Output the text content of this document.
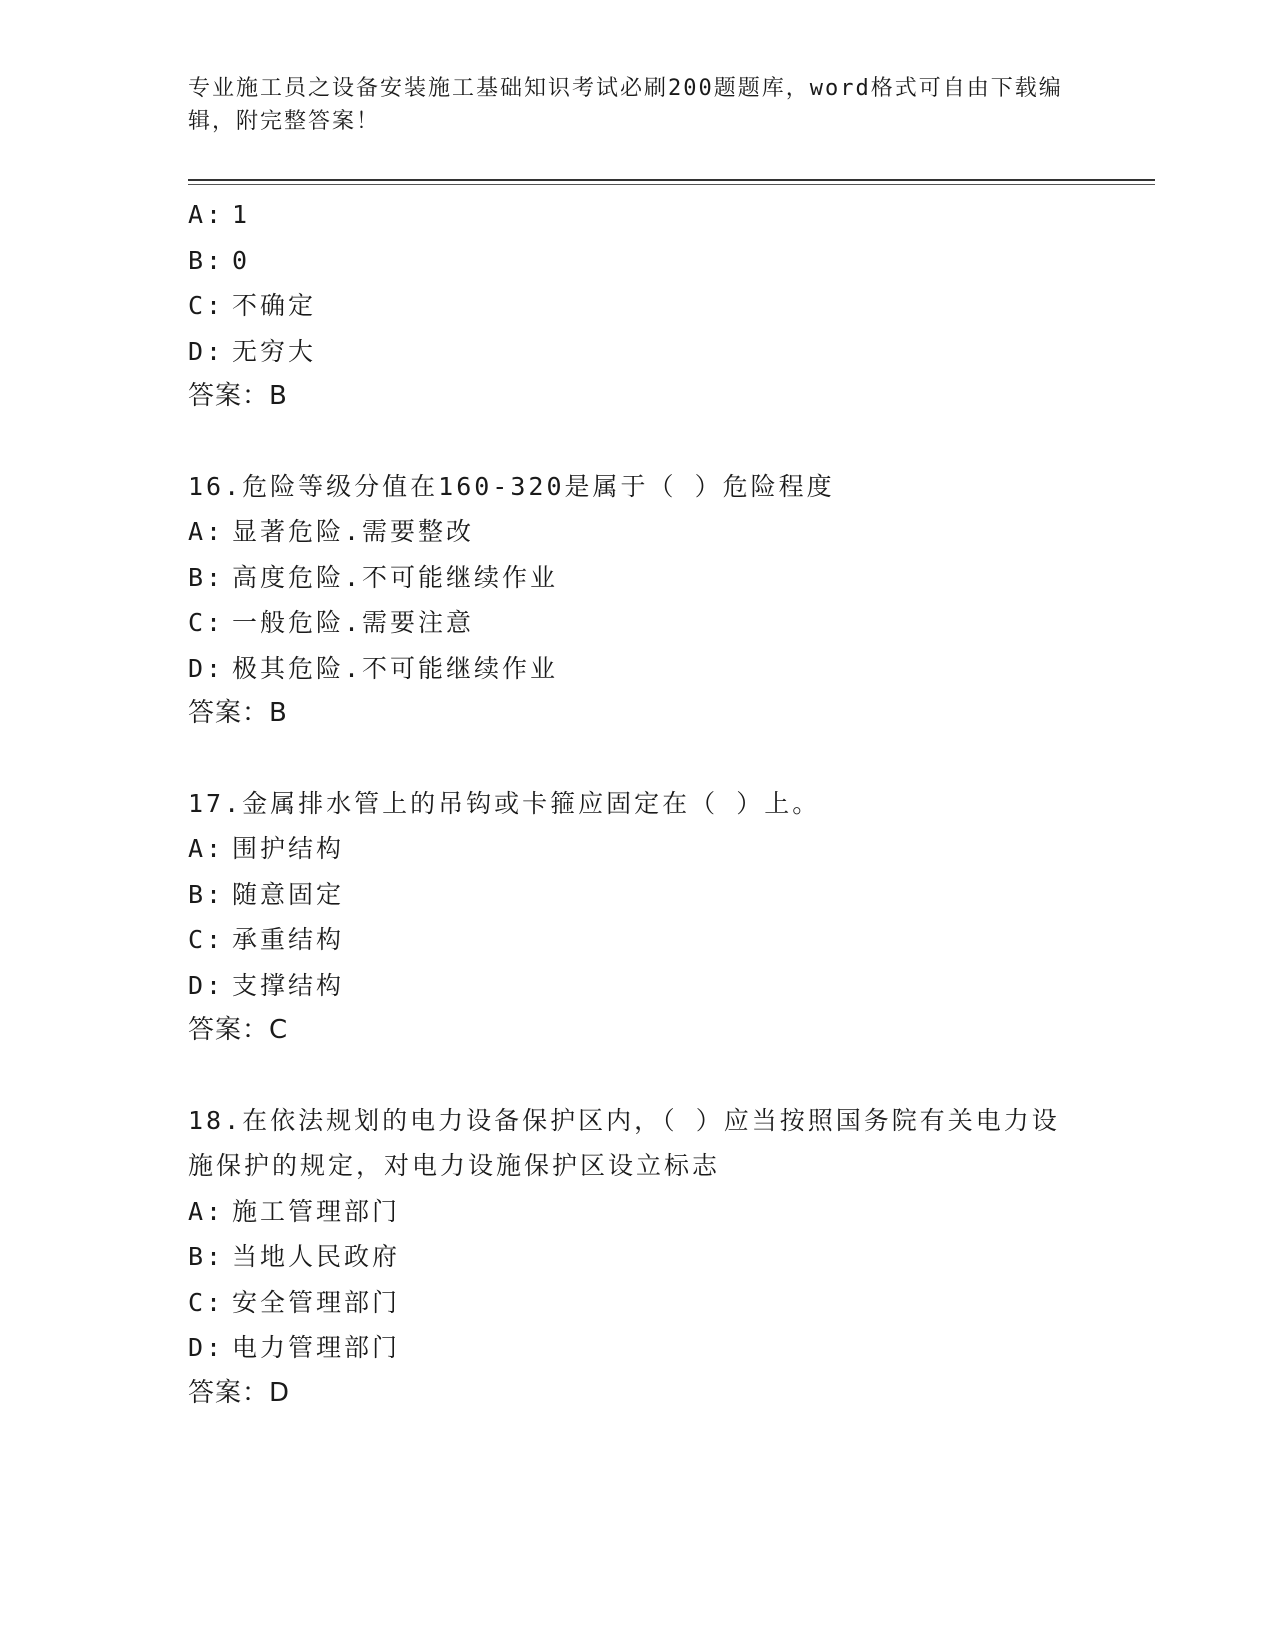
专业施工员之设备安装施工基础知识考试必刷200题题库，word格式可自由下载编辑，附完整答案！
A: 1
B: 0
C: 不确定
D: 无穷大
答案：B
16.危险等级分值在160-320是属于（ ）危险程度
A: 显著危险.需要整改
B: 高度危险.不可能继续作业
C: 一般危险.需要注意
D: 极其危险.不可能继续作业
答案：B
17.金属排水管上的吊钩或卡箍应固定在（ ）上。
A: 围护结构
B: 随意固定
C: 承重结构
D: 支撑结构
答案：C
18.在依法规划的电力设备保护区内，（ ）应当按照国务院有关电力设施保护的规定，对电力设施保护区设立标志
A: 施工管理部门
B: 当地人民政府
C: 安全管理部门
D: 电力管理部门
答案：D
